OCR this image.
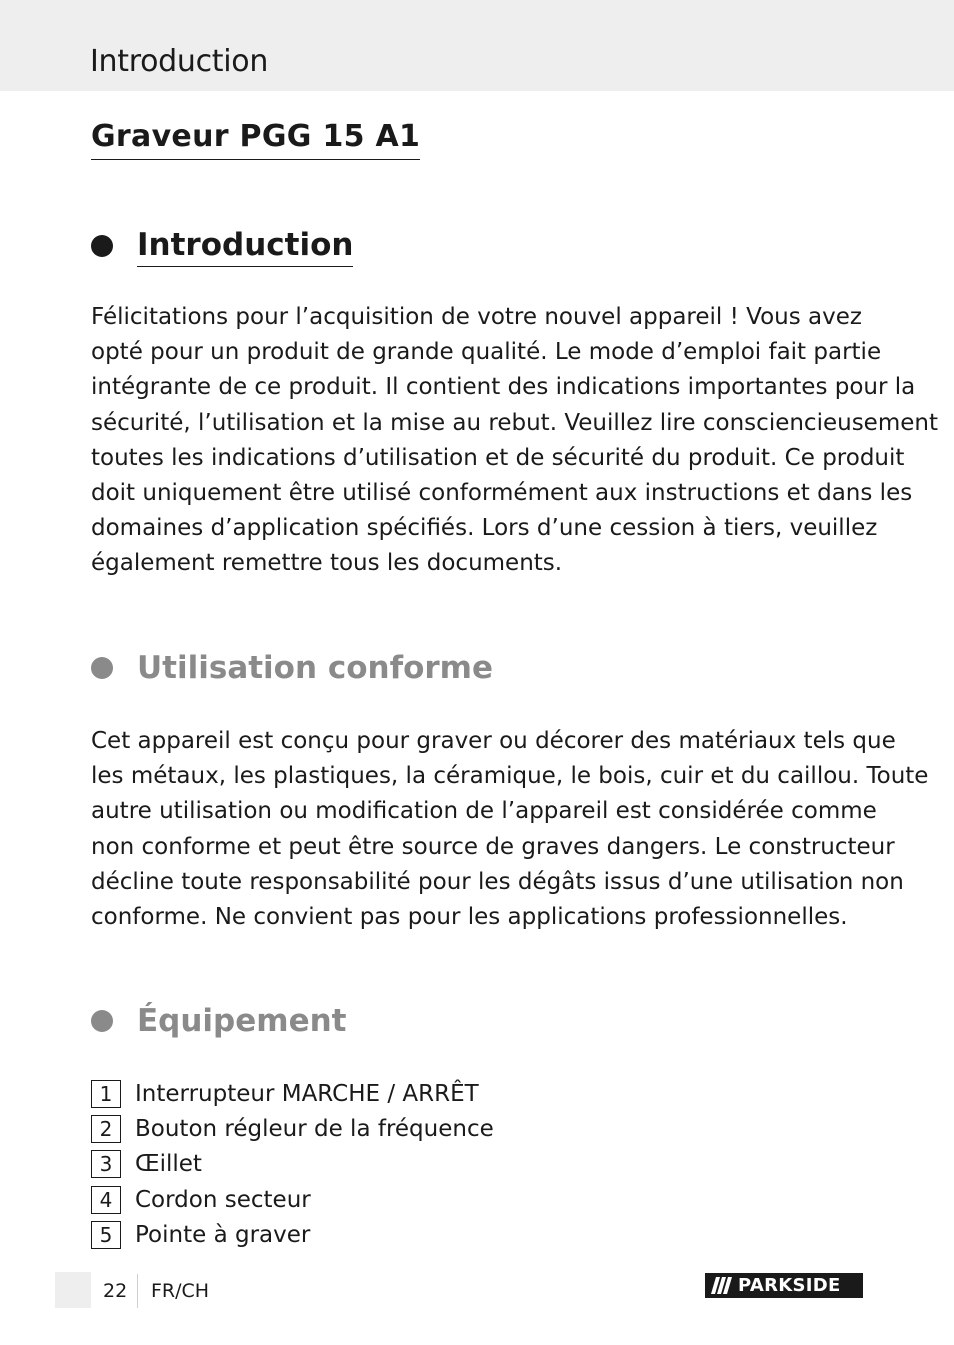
Introduction
Graveur PGG 15 A1
Introduction

Félicitations pour l’acquisition de votre nouvel appareil ! Vous avez
opté pour un produit de grande qualité. Le mode d’emploi fait partie
intégrante de ce produit. Il contient des indications importantes pour la
sécurité, l’utilisation et la mise au rebut. Veuillez lire consciencieusement
toutes les indications d’utilisation et de sécurité du produit. Ce produit
doit uniquement être utilisé conformément aux instructions et dans les
domaines d’application spécifiés. Lors d’une cession à tiers, veuillez
également remettre tous les documents.

Utilisation conforme

Cet appareil est conçu pour graver ou décorer des matériaux tels que
les métaux, les plastiques, la céramique, le bois, cuir et du caillou. Toute
autre utilisation ou modification de l’appareil est considérée comme
non conforme et peut être source de graves dangers. Le constructeur
décline toute responsabilité pour les dégâts issus d’une utilisation non
conforme. Ne convient pas pour les applications professionnelles.

Équipement
1 Interrupteur MARCHE / ARRÊT
2 Bouton régleur de la fréquence
3 Œillet
4 Cordon secteur
5 Pointe à graver
22 FR/CH	PARKSIDE
